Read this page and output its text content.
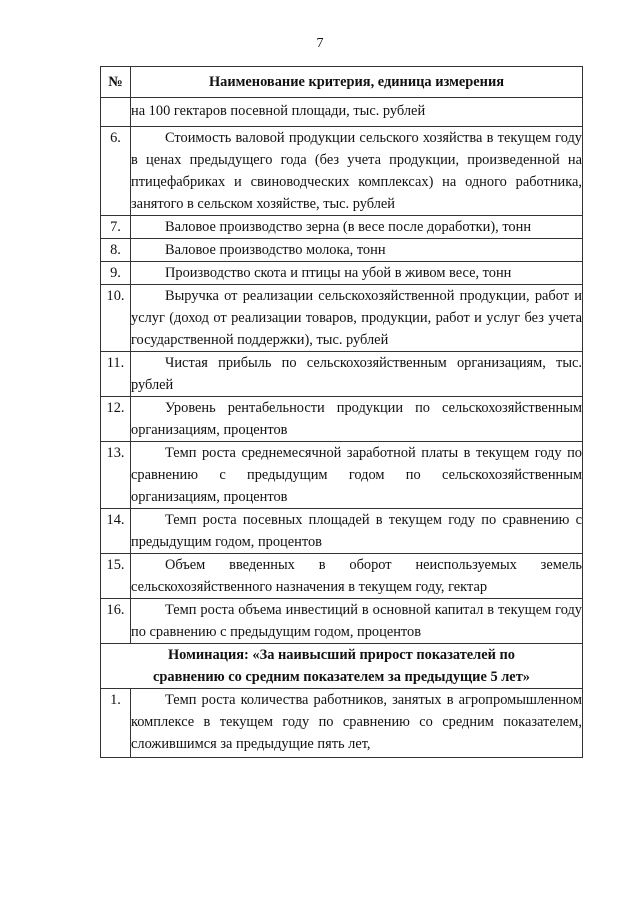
7
№	Наименование критерия, единица измерения
	на 100 гектаров посевной площади, тыс. рублей
6.	Стоимость валовой продукции сельского хозяйства в текущем году в ценах предыдущего года (без учета продукции, произведенной на птицефабриках и свиноводческих комплексах) на одного работника, занятого в сельском хозяйстве, тыс. рублей
7.	Валовое производство зерна (в весе после доработки), тонн
8.	Валовое производство молока, тонн
9.	Производство скота и птицы на убой в живом весе, тонн
10.	Выручка от реализации сельскохозяйственной продукции, работ и услуг (доход от реализации товаров, продукции, работ и услуг без учета государственной поддержки), тыс. рублей
11.	Чистая прибыль по сельскохозяйственным организациям, тыс. рублей
12.	Уровень рентабельности продукции по сельскохозяйственным организациям, процентов
13.	Темп роста среднемесячной заработной платы в текущем году по сравнению с предыдущим годом по сельскохозяйственным организациям, процентов
14.	Темп роста посевных площадей в текущем году по сравнению с предыдущим годом, процентов
15.	Объем введенных в оборот неиспользуемых земель сельскохозяйственного назначения в текущем году, гектар
16.	Темп роста объема инвестиций в основной капитал в текущем году по сравнению с предыдущим годом, процентов
Номинация: «За наивысший прирост показателей по
сравнению со средним показателем за предыдущие 5 лет»	
1.	Темп роста количества работников, занятых в агропромышленном комплексе в текущем году по сравнению со средним показателем, сложившимся за предыдущие пять лет,
